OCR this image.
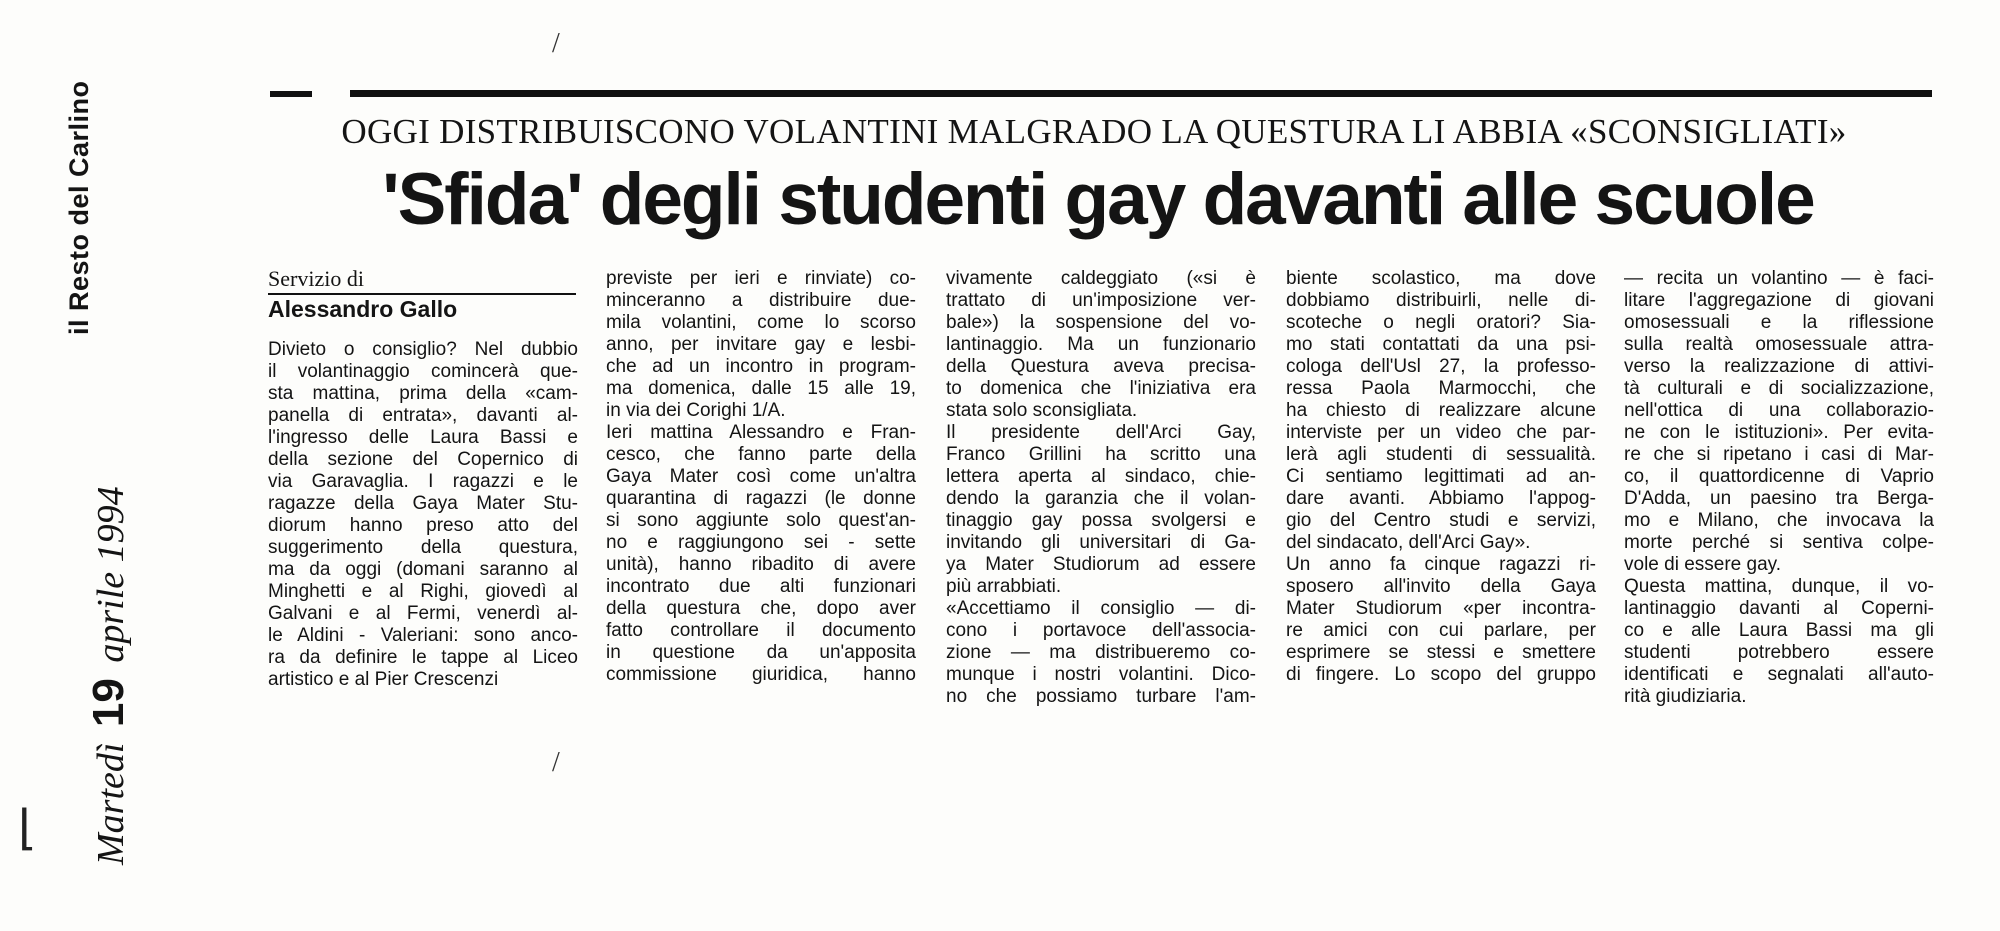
il Resto del Carlino
Martedì 19 aprile 1994
⌊
/
/
OGGI DISTRIBUISCONO VOLANTINI MALGRADO LA QUESTURA LI ABBIA «SCONSIGLIATI»
'Sfida' degli studenti gay davanti alle scuole
Servizio di
Alessandro Gallo
Divieto o consiglio? Nel dubbio
il volantinaggio comincerà que-
sta mattina, prima della «cam-
panella di entrata», davanti al-
l'ingresso delle Laura Bassi e
della sezione del Copernico di
via Garavaglia. I ragazzi e le
ragazze della Gaya Mater Stu-
diorum hanno preso atto del
suggerimento della questura,
ma da oggi (domani saranno al
Minghetti e al Righi, giovedì al
Galvani e al Fermi, venerdì al-
le Aldini - Valeriani: sono anco-
ra da definire le tappe al Liceo
artistico e al Pier Crescenzi
previste per ieri e rinviate) co-
minceranno a distribuire due-
mila volantini, come lo scorso
anno, per invitare gay e lesbi-
che ad un incontro in program-
ma domenica, dalle 15 alle 19,
in via dei Corighi 1/A.
Ieri mattina Alessandro e Fran-
cesco, che fanno parte della
Gaya Mater così come un'altra
quarantina di ragazzi (le donne
si sono aggiunte solo quest'an-
no e raggiungono sei - sette
unità), hanno ribadito di avere
incontrato due alti funzionari
della questura che, dopo aver
fatto controllare il documento
in questione da un'apposita
commissione giuridica, hanno
vivamente caldeggiato («si è
trattato di un'imposizione ver-
bale») la sospensione del vo-
lantinaggio. Ma un funzionario
della Questura aveva precisa-
to domenica che l'iniziativa era
stata solo sconsigliata.
Il presidente dell'Arci Gay,
Franco Grillini ha scritto una
lettera aperta al sindaco, chie-
dendo la garanzia che il volan-
tinaggio gay possa svolgersi e
invitando gli universitari di Ga-
ya Mater Studiorum ad essere
più arrabbiati.
«Accettiamo il consiglio — di-
cono i portavoce dell'associa-
zione — ma distribueremo co-
munque i nostri volantini. Dico-
no che possiamo turbare l'am-
biente scolastico, ma dove
dobbiamo distribuirli, nelle di-
scoteche o negli oratori? Sia-
mo stati contattati da una psi-
cologa dell'Usl 27, la professo-
ressa Paola Marmocchi, che
ha chiesto di realizzare alcune
interviste per un video che par-
lerà agli studenti di sessualità.
Ci sentiamo legittimati ad an-
dare avanti. Abbiamo l'appog-
gio del Centro studi e servizi,
del sindacato, dell'Arci Gay».
Un anno fa cinque ragazzi ri-
sposero all'invito della Gaya
Mater Studiorum «per incontra-
re amici con cui parlare, per
esprimere se stessi e smettere
di fingere. Lo scopo del gruppo
— recita un volantino — è faci-
litare l'aggregazione di giovani
omosessuali e la riflessione
sulla realtà omosessuale attra-
verso la realizzazione di attivi-
tà culturali e di socializzazione,
nell'ottica di una collaborazio-
ne con le istituzioni». Per evita-
re che si ripetano i casi di Mar-
co, il quattordicenne di Vaprio
D'Adda, un paesino tra Berga-
mo e Milano, che invocava la
morte perché si sentiva colpe-
vole di essere gay.
Questa mattina, dunque, il vo-
lantinaggio davanti al Coperni-
co e alle Laura Bassi ma gli
studenti potrebbero essere
identificati e segnalati all'auto-
rità giudiziaria.
